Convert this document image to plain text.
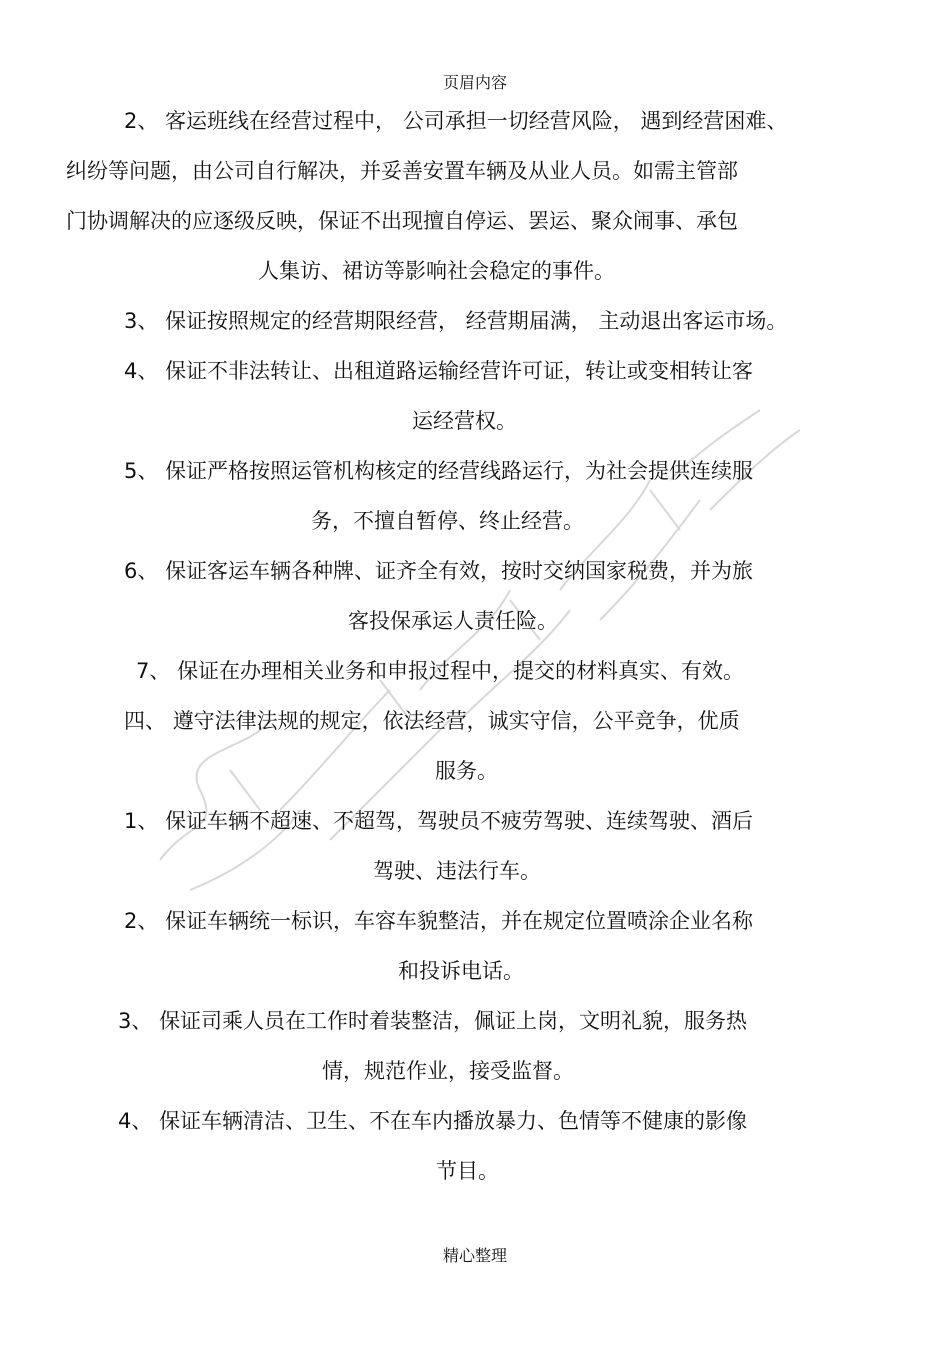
页眉内容
2、 客运班线在经营过程中， 公司承担一切经营风险， 遇到经营困难、
纠纷等问题，由公司自行解决，并妥善安置车辆及从业人员。如需主管部
门协调解决的应逐级反映，保证不出现擅自停运、罢运、聚众闹事、承包
人集访、裙访等影响社会稳定的事件。
3、 保证按照规定的经营期限经营， 经营期届满， 主动退出客运市场。
4、 保证不非法转让、出租道路运输经营许可证，转让或变相转让客
运经营权。
5、 保证严格按照运管机构核定的经营线路运行，为社会提供连续服
务，不擅自暂停、终止经营。
6、 保证客运车辆各种牌、证齐全有效，按时交纳国家税费，并为旅
客投保承运人责任险。
7、 保证在办理相关业务和申报过程中，提交的材料真实、有效。
四、 遵守法律法规的规定，依法经营，诚实守信，公平竞争，优质
服务。
1、 保证车辆不超速、不超驾，驾驶员不疲劳驾驶、连续驾驶、酒后
驾驶、违法行车。
2、 保证车辆统一标识，车容车貌整洁，并在规定位置喷涂企业名称
和投诉电话。
3、 保证司乘人员在工作时着装整洁，佩证上岗，文明礼貌，服务热
情，规范作业，接受监督。
4、 保证车辆清洁、卫生、不在车内播放暴力、色情等不健康的影像
节目。
精心整理
